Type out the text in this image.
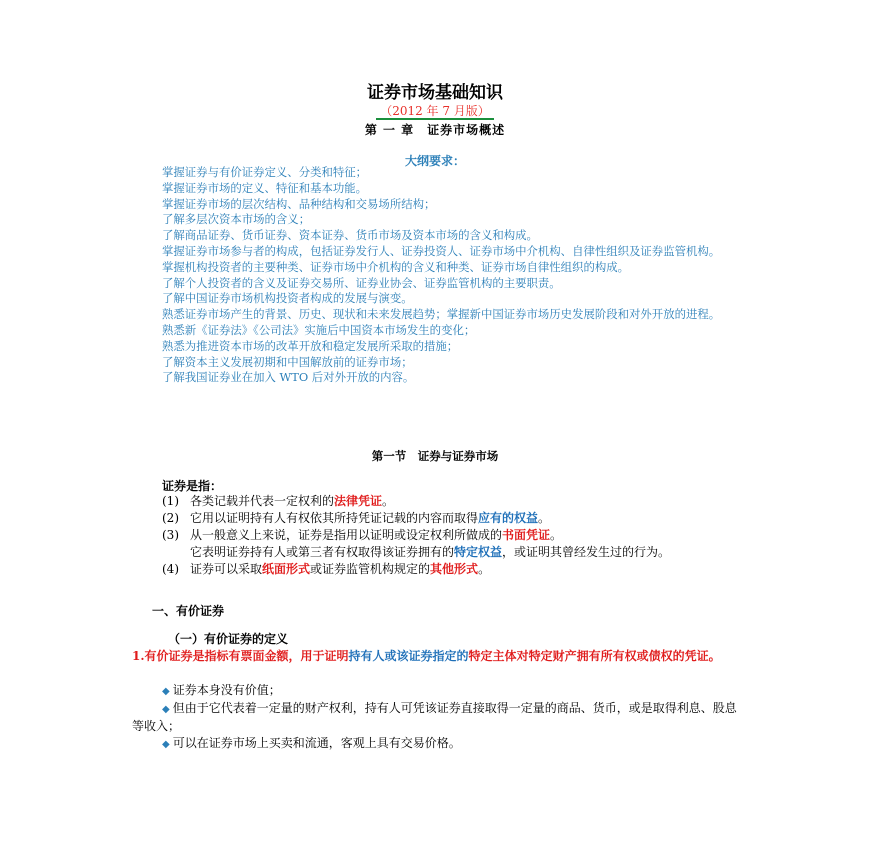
证券市场基础知识
（2012 年 7 月版）
第 一 章　证券市场概述
大纲要求：

掌握证券与有价证券定义、分类和特征；

掌握证券市场的定义、特征和基本功能。

掌握证券市场的层次结构、品种结构和交易场所结构；

了解多层次资本市场的含义；

了解商品证券、货币证券、资本证券、货币市场及资本市场的含义和构成。

掌握证券市场参与者的构成，包括证券发行人、证券投资人、证券市场中介机构、自律性组织及证券监管机构。

掌握机构投资者的主要种类、证券市场中介机构的含义和种类、证券市场自律性组织的构成。

了解个人投资者的含义及证券交易所、证券业协会、证券监管机构的主要职责。

了解中国证券市场机构投资者构成的发展与演变。

熟悉证券市场产生的背景、历史、现状和未来发展趋势；掌握新中国证券市场历史发展阶段和对外开放的进程。

熟悉新《证券法》《公司法》实施后中国资本市场发生的变化；

熟悉为推进资本市场的改革开放和稳定发展所采取的措施；

了解资本主义发展初期和中国解放前的证券市场；

了解我国证券业在加入 WTO 后对外开放的内容。

第一节　证券与证券市场
证券是指：
(1) 各类记载并代表一定权利的法律凭证。
(2) 它用以证明持有人有权依其所持凭证记载的内容而取得应有的权益。
(3) 从一般意义上来说，证券是指用以证明或设定权利所做成的书面凭证。
它表明证券持有人或第三者有权取得该证券拥有的特定权益，或证明其曾经发生过的行为。
(4) 证券可以采取纸面形式或证券监管机构规定的其他形式。
一、有价证券
（一）有价证券的定义
1.有价证券是指标有票面金额，用于证明持有人或该证券指定的特定主体对特定财产拥有所有权或债权的凭证。

◆ 证券本身没有价值；

◆ 但由于它代表着一定量的财产权利，持有人可凭该证券直接取得一定量的商品、货币，或是取得利息、股息等收入；

◆ 可以在证券市场上买卖和流通，客观上具有交易价格。
